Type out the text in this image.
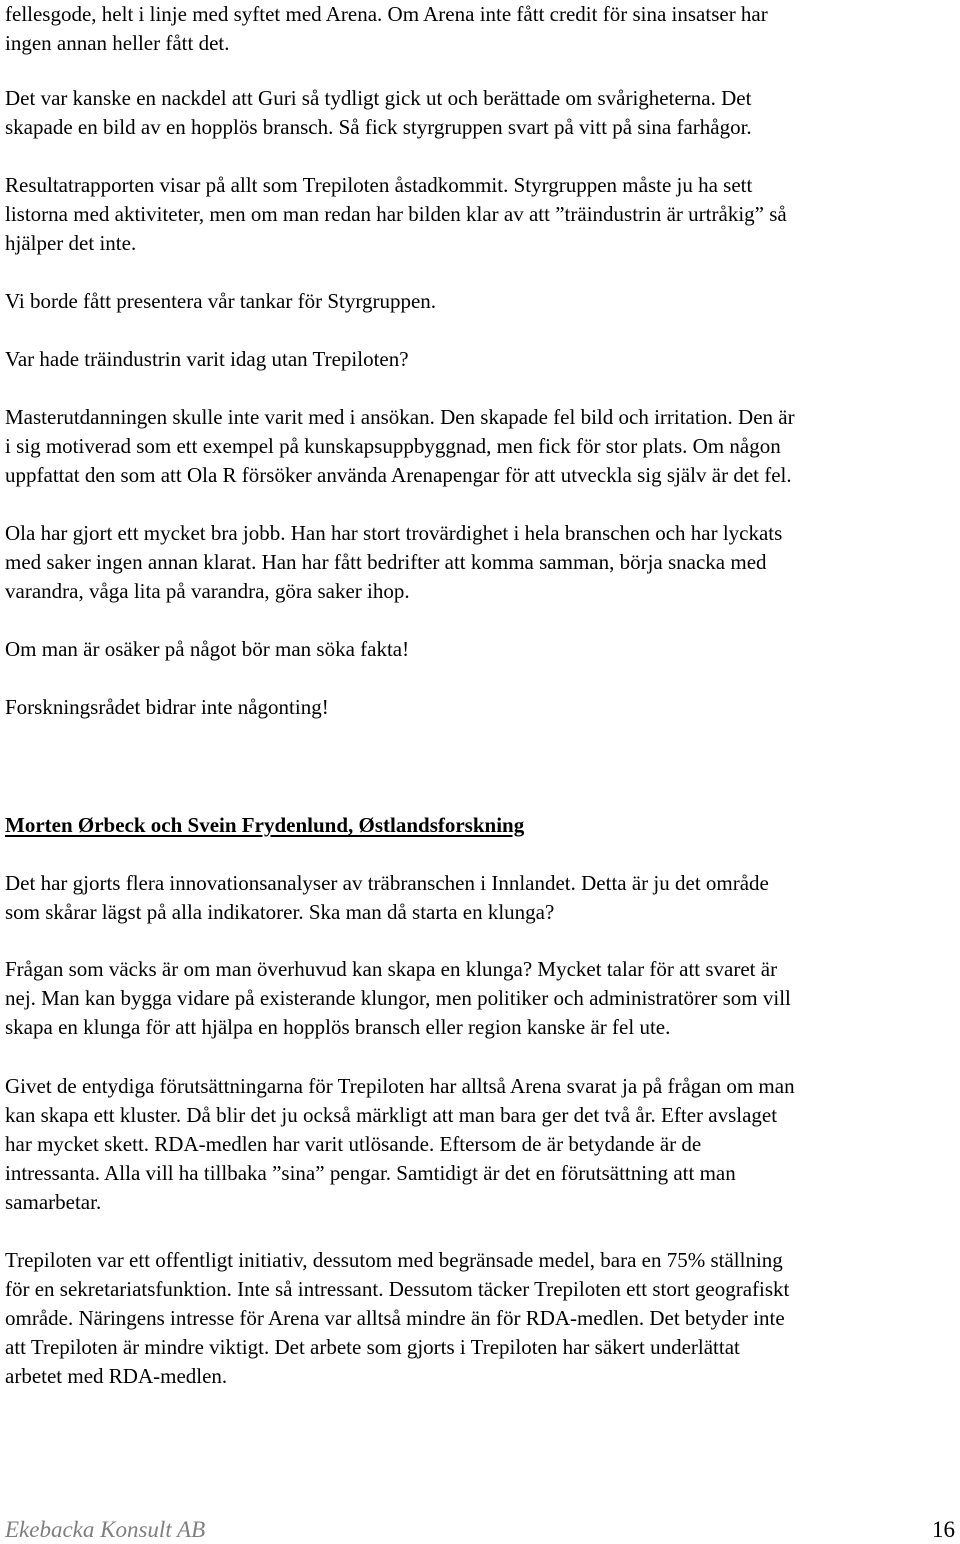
fellesgode, helt i linje med syftet med Arena. Om Arena inte fått credit för sina insatser har
ingen annan heller fått det.
Det var kanske en nackdel att Guri så tydligt gick ut och berättade om svårigheterna. Det
skapade en bild av en hopplös bransch. Så fick styrgruppen svart på vitt på sina farhågor.
Resultatrapporten visar på allt som Trepiloten åstadkommit. Styrgruppen måste ju ha sett
listorna med aktiviteter, men om man redan har bilden klar av att ”träindustrin är urtråkig” så
hjälper det inte.
Vi borde fått presentera vår tankar för Styrgruppen.
Var hade träindustrin varit idag utan Trepiloten?
Masterutdanningen skulle inte varit med i ansökan. Den skapade fel bild och irritation. Den är
i sig motiverad som ett exempel på kunskapsuppbyggnad, men fick för stor plats. Om någon
uppfattat den som att Ola R försöker använda Arenapengar för att utveckla sig själv är det fel.
Ola har gjort ett mycket bra jobb. Han har stort trovärdighet i hela branschen och har lyckats
med saker ingen annan klarat. Han har fått bedrifter att komma samman, börja snacka med
varandra, våga lita på varandra, göra saker ihop.
Om man är osäker på något bör man söka fakta!
Forskningsrådet bidrar inte någonting!
Morten Ørbeck och Svein Frydenlund, Østlandsforskning
Det har gjorts flera innovationsanalyser av träbranschen i Innlandet. Detta är ju det område
som skårar lägst på alla indikatorer. Ska man då starta en klunga?
Frågan som väcks är om man överhuvud kan skapa en klunga? Mycket talar för att svaret är
nej. Man kan bygga vidare på existerande klungor, men politiker och administratörer som vill
skapa en klunga för att hjälpa en hopplös bransch eller region kanske är fel ute.
Givet de entydiga förutsättningarna för Trepiloten har alltså Arena svarat ja på frågan om man
kan skapa ett kluster. Då blir det ju också märkligt att man bara ger det två år. Efter avslaget
har mycket skett. RDA-medlen har varit utlösande. Eftersom de är betydande är de
intressanta. Alla vill ha tillbaka ”sina” pengar. Samtidigt är det en förutsättning att man
samarbetar.
Trepiloten var ett offentligt initiativ, dessutom med begränsade medel, bara en 75% ställning
för en sekretariatsfunktion. Inte så intressant. Dessutom täcker Trepiloten ett stort geografiskt
område. Näringens intresse för Arena var alltså mindre än för RDA-medlen. Det betyder inte
att Trepiloten är mindre viktigt. Det arbete som gjorts i Trepiloten har säkert underlättat
arbetet med RDA-medlen.
Ekebacka Konsult AB	16
